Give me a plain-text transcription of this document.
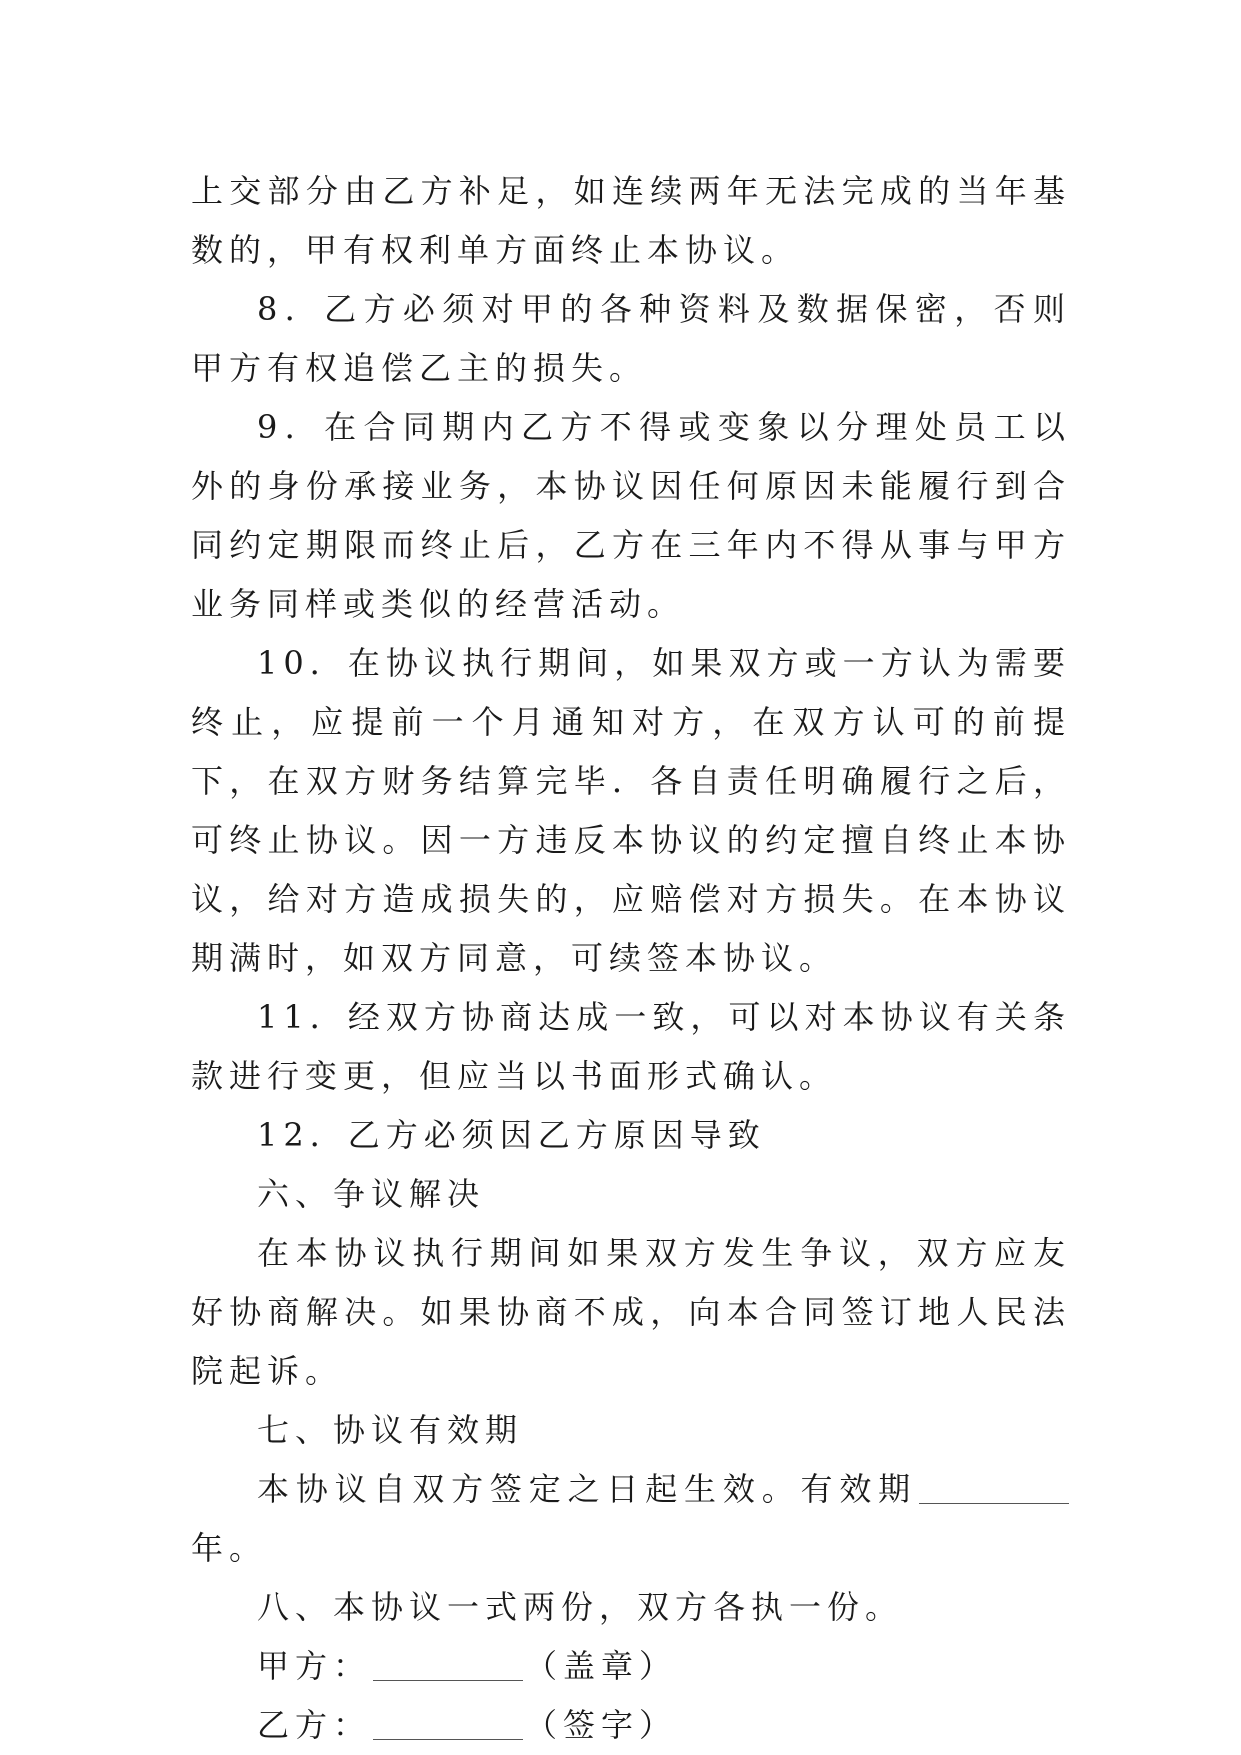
上交部分由乙方补足，如连续两年无法完成的当年基数的，甲有权利单方面终止本协议。

8．乙方必须对甲的各种资料及数据保密，否则甲方有权追偿乙主的损失。

9．在合同期内乙方不得或变象以分理处员工以外的身份承接业务，本协议因任何原因未能履行到合同约定期限而终止后，乙方在三年内不得从事与甲方业务同样或类似的经营活动。

10．在协议执行期间，如果双方或一方认为需要终止，应提前一个月通知对方，在双方认可的前提下，在双方财务结算完毕．各自责任明确履行之后，可终止协议。因一方违反本协议的约定擅自终止本协议，给对方造成损失的，应赔偿对方损失。在本协议期满时，如双方同意，可续签本协议。

11．经双方协商达成一致，可以对本协议有关条款进行变更，但应当以书面形式确认。

12．乙方必须因乙方原因导致

六、争议解决

在本协议执行期间如果双方发生争议，双方应友好协商解决。如果协商不成，向本合同签订地人民法院起诉。

七、协议有效期

本协议自双方签定之日起生效。有效期年。

八、本协议一式两份，双方各执一份。

甲方：	（盖章）

乙方：	（签字）
